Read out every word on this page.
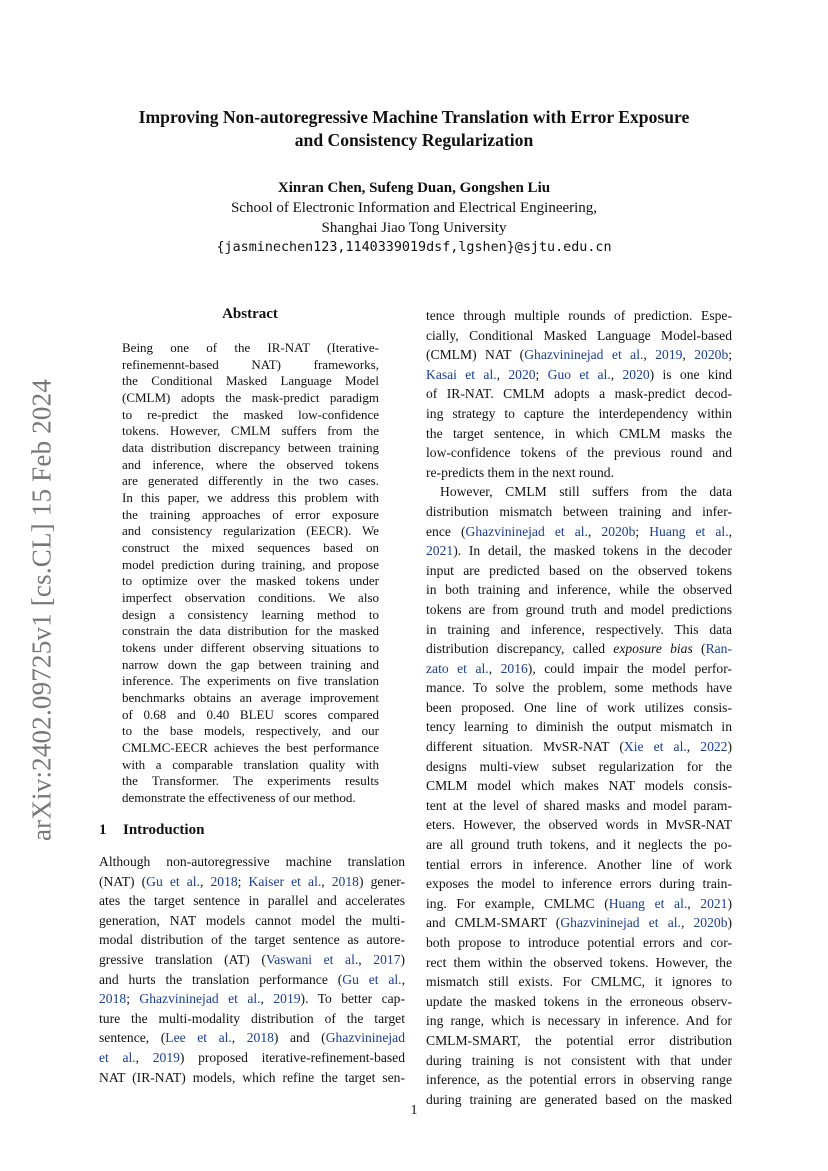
arXiv:2402.09725v1 [cs.CL] 15 Feb 2024
Improving Non-autoregressive Machine Translation with Error Exposure
and Consistency Regularization
Xinran Chen, Sufeng Duan, Gongshen Liu
School of Electronic Information and Electrical Engineering,
Shanghai Jiao Tong University
{jasminechen123,1140339019dsf,lgshen}@sjtu.edu.cn
Abstract
Being one of the IR-NAT (Iterative-
refinemennt-based NAT) frameworks,
the Conditional Masked Language Model
(CMLM) adopts the mask-predict paradigm
to re-predict the masked low-confidence
tokens. However, CMLM suffers from the
data distribution discrepancy between training
and inference, where the observed tokens
are generated differently in the two cases.
In this paper, we address this problem with
the training approaches of error exposure
and consistency regularization (EECR). We
construct the mixed sequences based on
model prediction during training, and propose
to optimize over the masked tokens under
imperfect observation conditions. We also
design a consistency learning method to
constrain the data distribution for the masked
tokens under different observing situations to
narrow down the gap between training and
inference. The experiments on five translation
benchmarks obtains an average improvement
of 0.68 and 0.40 BLEU scores compared
to the base models, respectively, and our
CMLMC-EECR achieves the best performance
with a comparable translation quality with
the Transformer. The experiments results
demonstrate the effectiveness of our method.
1 Introduction
Although non-autoregressive machine translation
(NAT) (Gu et al., 2018; Kaiser et al., 2018) gener-
ates the target sentence in parallel and accelerates
generation, NAT models cannot model the multi-
modal distribution of the target sentence as autore-
gressive translation (AT) (Vaswani et al., 2017)
and hurts the translation performance (Gu et al.,
2018; Ghazvininejad et al., 2019). To better cap-
ture the multi-modality distribution of the target
sentence, (Lee et al., 2018) and (Ghazvininejad
et al., 2019) proposed iterative-refinement-based
NAT (IR-NAT) models, which refine the target sen-
tence through multiple rounds of prediction. Espe-
cially, Conditional Masked Language Model-based
(CMLM) NAT (Ghazvininejad et al., 2019, 2020b;
Kasai et al., 2020; Guo et al., 2020) is one kind
of IR-NAT. CMLM adopts a mask-predict decod-
ing strategy to capture the interdependency within
the target sentence, in which CMLM masks the
low-confidence tokens of the previous round and
re-predicts them in the next round.
However, CMLM still suffers from the data
distribution mismatch between training and infer-
ence (Ghazvininejad et al., 2020b; Huang et al.,
2021). In detail, the masked tokens in the decoder
input are predicted based on the observed tokens
in both training and inference, while the observed
tokens are from ground truth and model predictions
in training and inference, respectively. This data
distribution discrepancy, called exposure bias (Ran-
zato et al., 2016), could impair the model perfor-
mance. To solve the problem, some methods have
been proposed. One line of work utilizes consis-
tency learning to diminish the output mismatch in
different situation. MvSR-NAT (Xie et al., 2022)
designs multi-view subset regularization for the
CMLM model which makes NAT models consis-
tent at the level of shared masks and model param-
eters. However, the observed words in MvSR-NAT
are all ground truth tokens, and it neglects the po-
tential errors in inference. Another line of work
exposes the model to inference errors during train-
ing. For example, CMLMC (Huang et al., 2021)
and CMLM-SMART (Ghazvininejad et al., 2020b)
both propose to introduce potential errors and cor-
rect them within the observed tokens. However, the
mismatch still exists. For CMLMC, it ignores to
update the masked tokens in the erroneous observ-
ing range, which is necessary in inference. And for
CMLM-SMART, the potential error distribution
during training is not consistent with that under
inference, as the potential errors in observing range
during training are generated based on the masked
1
